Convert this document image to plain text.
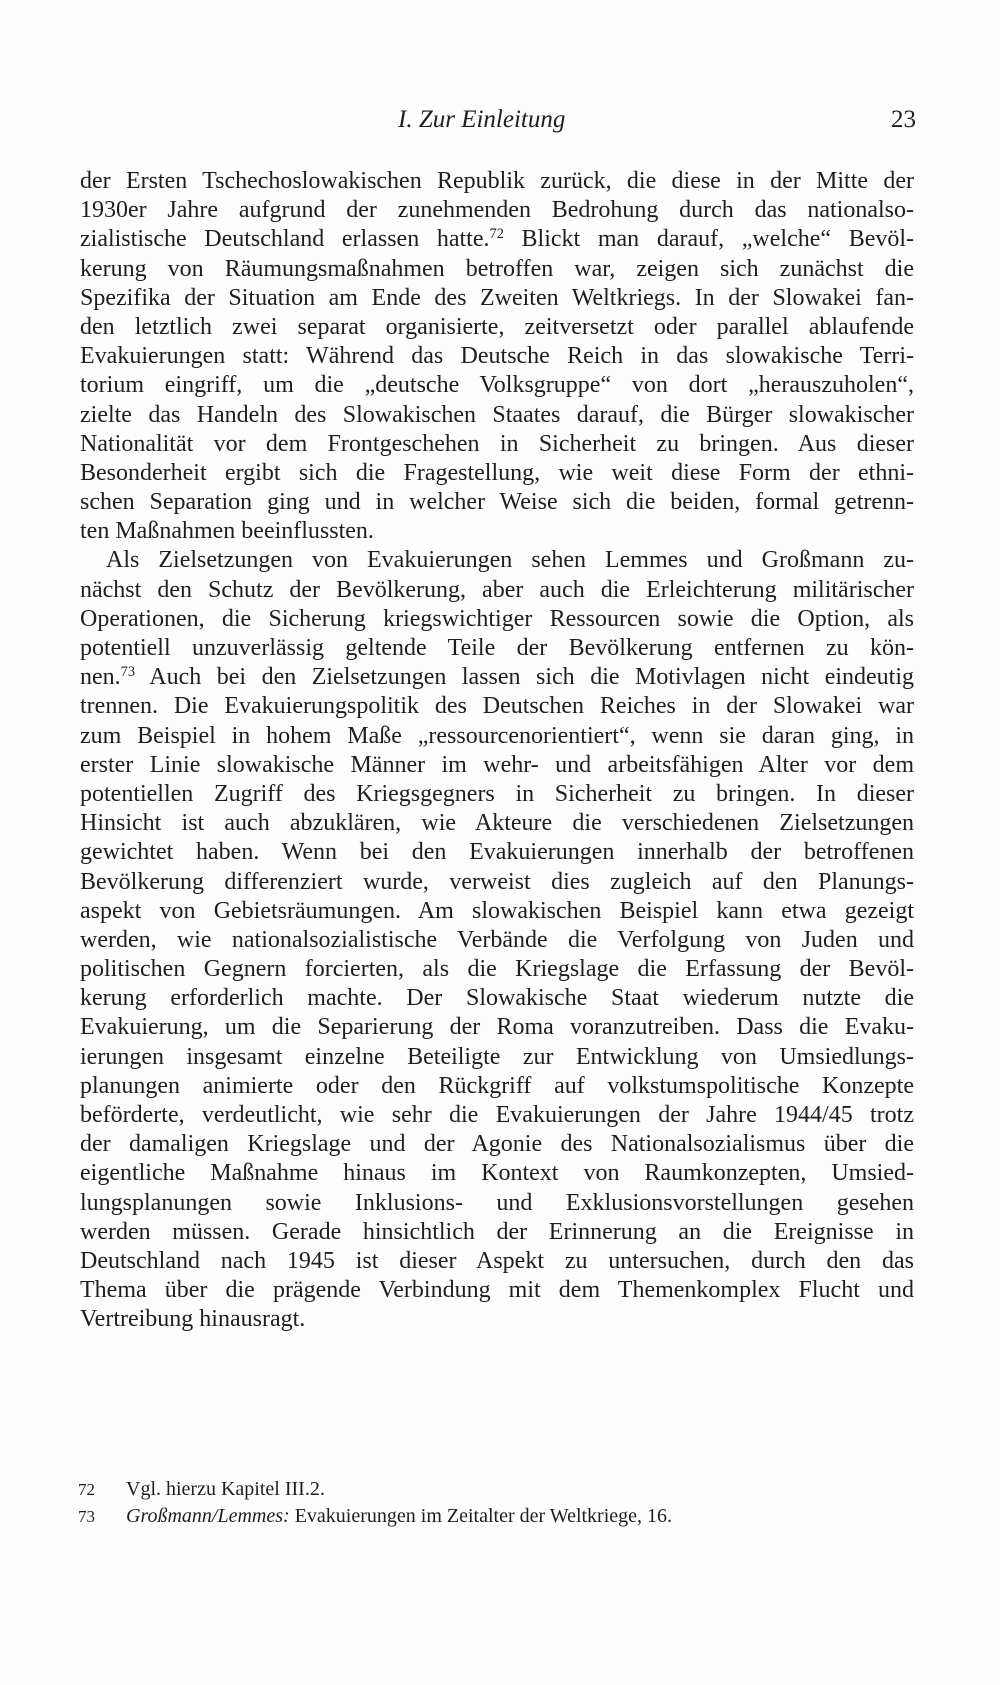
I. Zur Einleitung	23
der Ersten Tschechoslowakischen Republik zurück, die diese in der Mitte der
1930er Jahre aufgrund der zunehmenden Bedrohung durch das nationalso-
zialistische Deutschland erlassen hatte.$^{72}$ Blickt man darauf, „welche“ Bevöl-
kerung von Räumungsmaßnahmen betroffen war, zeigen sich zunächst die
Spezifika der Situation am Ende des Zweiten Weltkriegs. In der Slowakei fan-
den letztlich zwei separat organisierte, zeitversetzt oder parallel ablaufende
Evakuierungen statt: Während das Deutsche Reich in das slowakische Terri-
torium eingriff, um die „deutsche Volksgruppe“ von dort „herauszuholen“,
zielte das Handeln des Slowakischen Staates darauf, die Bürger slowakischer
Nationalität vor dem Frontgeschehen in Sicherheit zu bringen. Aus dieser
Besonderheit ergibt sich die Fragestellung, wie weit diese Form der ethni-
schen Separation ging und in welcher Weise sich die beiden, formal getrenn-
ten Maßnahmen beeinflussten.
Als Zielsetzungen von Evakuierungen sehen Lemmes und Großmann zu-
nächst den Schutz der Bevölkerung, aber auch die Erleichterung militärischer
Operationen, die Sicherung kriegswichtiger Ressourcen sowie die Option, als
potentiell unzuverlässig geltende Teile der Bevölkerung entfernen zu kön-
nen.$^{73}$ Auch bei den Zielsetzungen lassen sich die Motivlagen nicht eindeutig
trennen. Die Evakuierungspolitik des Deutschen Reiches in der Slowakei war
zum Beispiel in hohem Maße „ressourcenorientiert“, wenn sie daran ging, in
erster Linie slowakische Männer im wehr- und arbeitsfähigen Alter vor dem
potentiellen Zugriff des Kriegsgegners in Sicherheit zu bringen. In dieser
Hinsicht ist auch abzuklären, wie Akteure die verschiedenen Zielsetzungen
gewichtet haben. Wenn bei den Evakuierungen innerhalb der betroffenen
Bevölkerung differenziert wurde, verweist dies zugleich auf den Planungs-
aspekt von Gebietsräumungen. Am slowakischen Beispiel kann etwa gezeigt
werden, wie nationalsozialistische Verbände die Verfolgung von Juden und
politischen Gegnern forcierten, als die Kriegslage die Erfassung der Bevöl-
kerung erforderlich machte. Der Slowakische Staat wiederum nutzte die
Evakuierung, um die Separierung der Roma voranzutreiben. Dass die Evaku-
ierungen insgesamt einzelne Beteiligte zur Entwicklung von Umsiedlungs-
planungen animierte oder den Rückgriff auf volkstumspolitische Konzepte
beförderte, verdeutlicht, wie sehr die Evakuierungen der Jahre 1944/45 trotz
der damaligen Kriegslage und der Agonie des Nationalsozialismus über die
eigentliche Maßnahme hinaus im Kontext von Raumkonzepten, Umsied-
lungsplanungen sowie Inklusions- und Exklusionsvorstellungen gesehen
werden müssen. Gerade hinsichtlich der Erinnerung an die Ereignisse in
Deutschland nach 1945 ist dieser Aspekt zu untersuchen, durch den das
Thema über die prägende Verbindung mit dem Themenkomplex Flucht und
Vertreibung hinausragt.
72 Vgl. hierzu Kapitel III.2.
73 Großmann/Lemmes: Evakuierungen im Zeitalter der Weltkriege, 16.
